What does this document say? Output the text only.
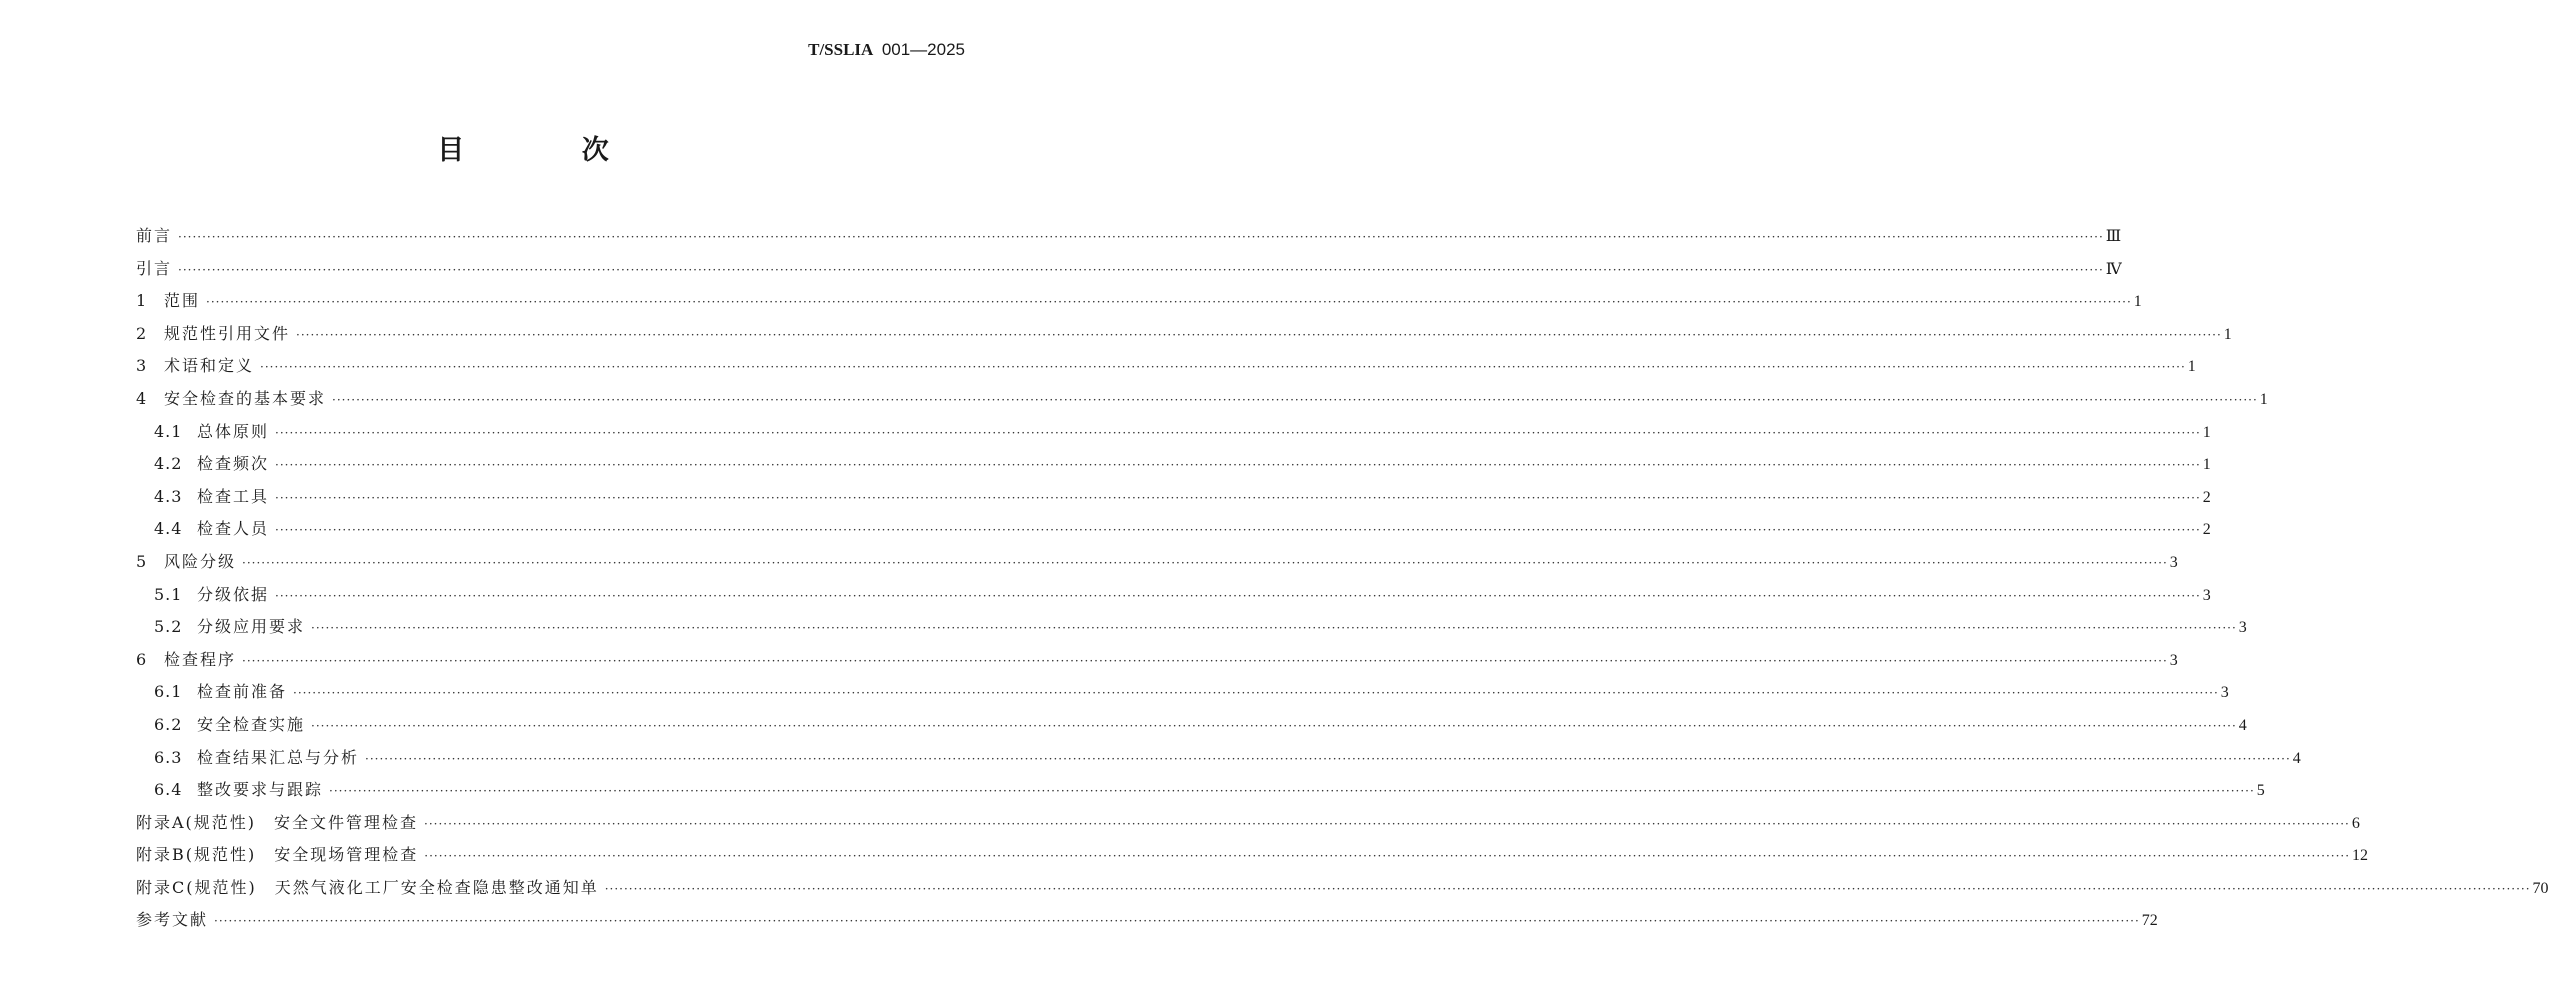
T/SSLIA 001—2025
目 次
前言 ················································································································································································································································································································································································································ Ⅲ
引言 ················································································································································································································································································································································································································ Ⅳ
1	范围 ················································································································································································································································································································································································································ 1
2	规范性引用文件 ················································································································································································································································································································································································································ 1
3	术语和定义 ················································································································································································································································································································································································································ 1
4	安全检查的基本要求 ················································································································································································································································································································································································································ 1
4.1 总体原则 ················································································································································································································································································································································································································ 1
4.2 检查频次 ················································································································································································································································································································································································································ 1
4.3 检查工具 ················································································································································································································································································································································································································ 2
4.4 检查人员 ················································································································································································································································································································································································································ 2
5	风险分级 ················································································································································································································································································································································································································ 3
5.1 分级依据 ················································································································································································································································································································································································································ 3
5.2 分级应用要求 ················································································································································································································································································································································································································ 3
6	检查程序 ················································································································································································································································································································································································································ 3
6.1 检查前准备 ················································································································································································································································································································································································································ 3
6.2 安全检查实施 ················································································································································································································································································································································································································ 4
6.3 检查结果汇总与分析 ················································································································································································································································································································································································································ 4
6.4 整改要求与跟踪 ················································································································································································································································································································································································································ 5
附录A(规范性)　安全文件管理检查 ················································································································································································································································································································································································································ 6
附录B(规范性)　安全现场管理检查 ················································································································································································································································································································································································································ 12
附录C(规范性)　天然气液化工厂安全检查隐患整改通知单 ················································································································································································································································································································································································································ 70
参考文献 ················································································································································································································································································································································································································ 72
